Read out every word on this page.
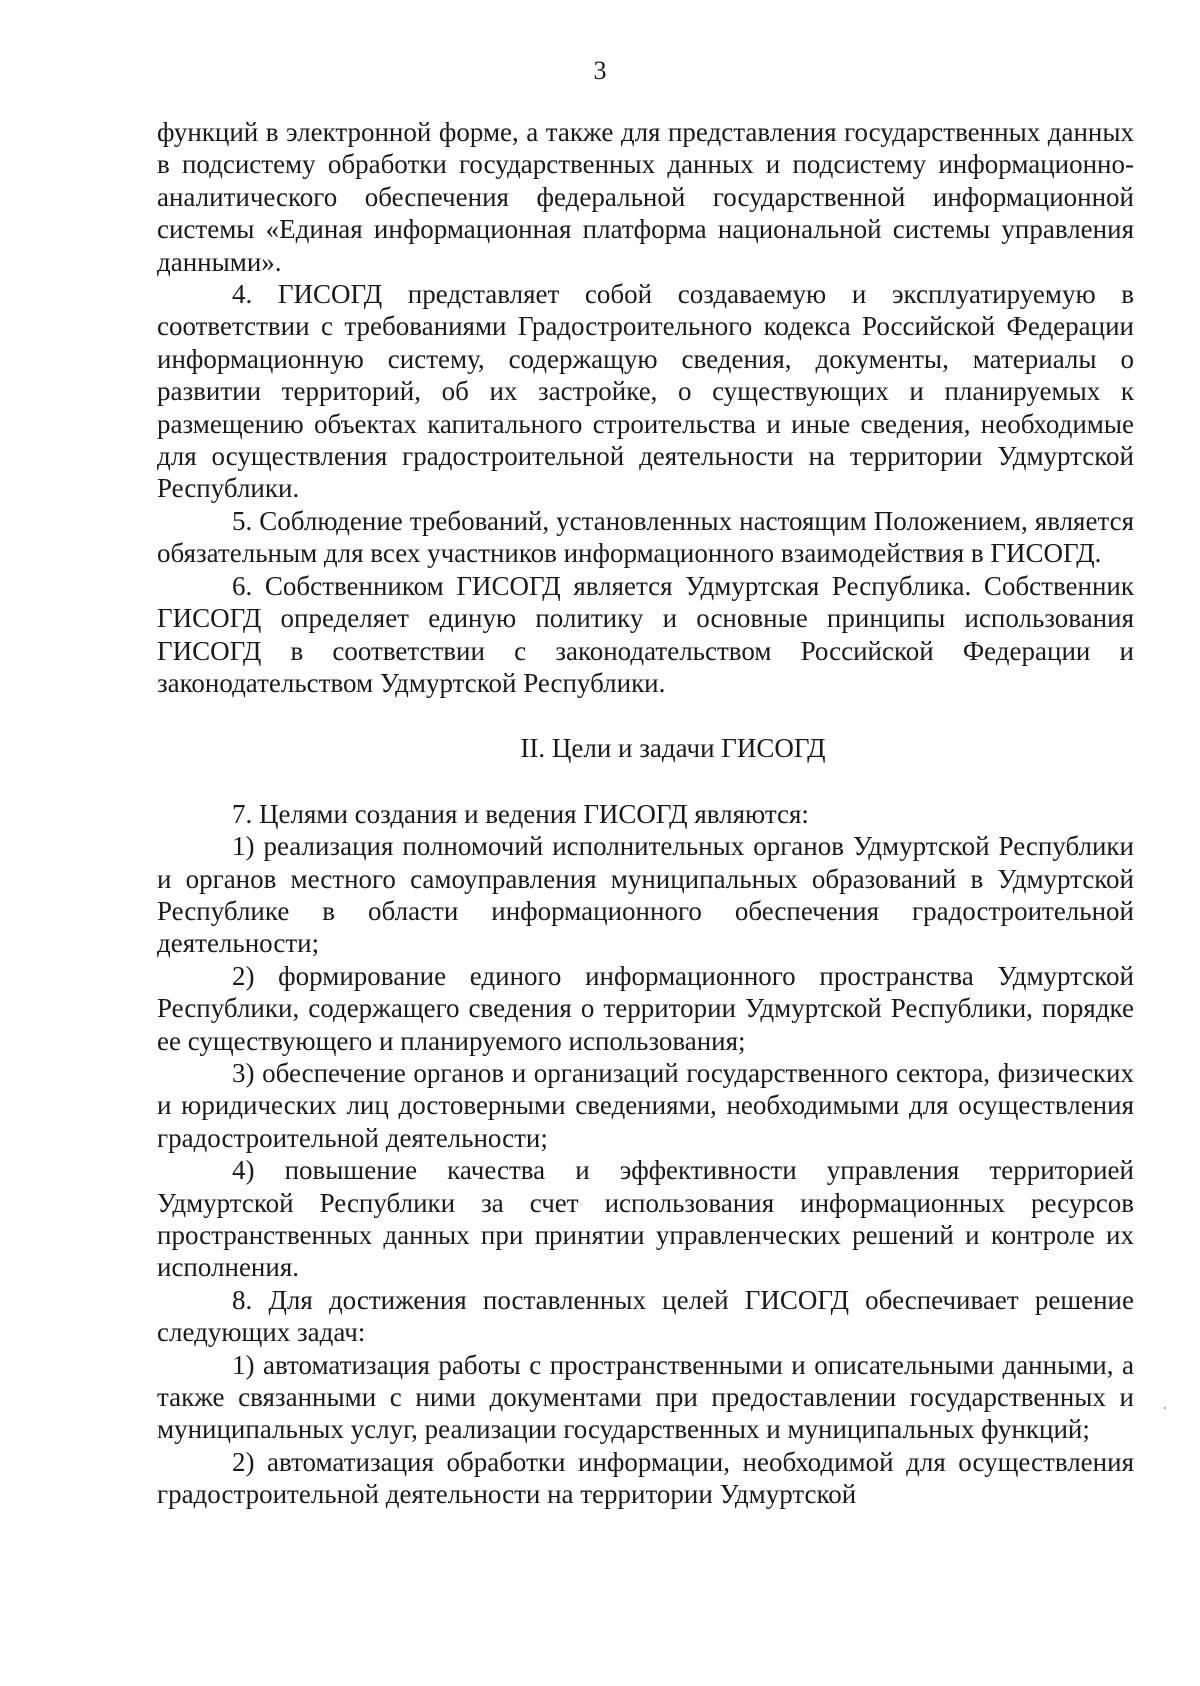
3

функций в электронной форме, а также для представления государственных данных в подсистему обработки государственных данных и подсистему информационно-аналитического обеспечения федеральной государственной информационной системы «Единая информационная платформа национальной системы управления данными».

4. ГИСОГД представляет собой создаваемую и эксплуатируемую в соответствии с требованиями Градостроительного кодекса Российской Федерации информационную систему, содержащую сведения, документы, материалы о развитии территорий, об их застройке, о существующих и планируемых к размещению объектах капитального строительства и иные сведения, необходимые для осуществления градостроительной деятельности на территории Удмуртской Республики.

5. Соблюдение требований, установленных настоящим Положением, является обязательным для всех участников информационного взаимодействия в ГИСОГД.

6. Собственником ГИСОГД является Удмуртская Республика. Собственник ГИСОГД определяет единую политику и основные принципы использования ГИСОГД в соответствии с законодательством Российской Федерации и законодательством Удмуртской Республики.

II. Цели и задачи ГИСОГД

7. Целями создания и ведения ГИСОГД являются:

1) реализация полномочий исполнительных органов Удмуртской Республики и органов местного самоуправления муниципальных образований в Удмуртской Республике в области информационного обеспечения градостроительной деятельности;

2) формирование единого информационного пространства Удмуртской Республики, содержащего сведения о территории Удмуртской Республики, порядке ее существующего и планируемого использования;

3) обеспечение органов и организаций государственного сектора, физических и юридических лиц достоверными сведениями, необходимыми для осуществления градостроительной деятельности;

4) повышение качества и эффективности управления территорией Удмуртской Республики за счет использования информационных ресурсов пространственных данных при принятии управленческих решений и контроле их исполнения.

8. Для достижения поставленных целей ГИСОГД обеспечивает решение следующих задач:

1) автоматизация работы с пространственными и описательными данными, а также связанными с ними документами при предоставлении государственных и муниципальных услуг, реализации государственных и муниципальных функций;

2) автоматизация обработки информации, необходимой для осуществления градостроительной деятельности на территории Удмуртской
